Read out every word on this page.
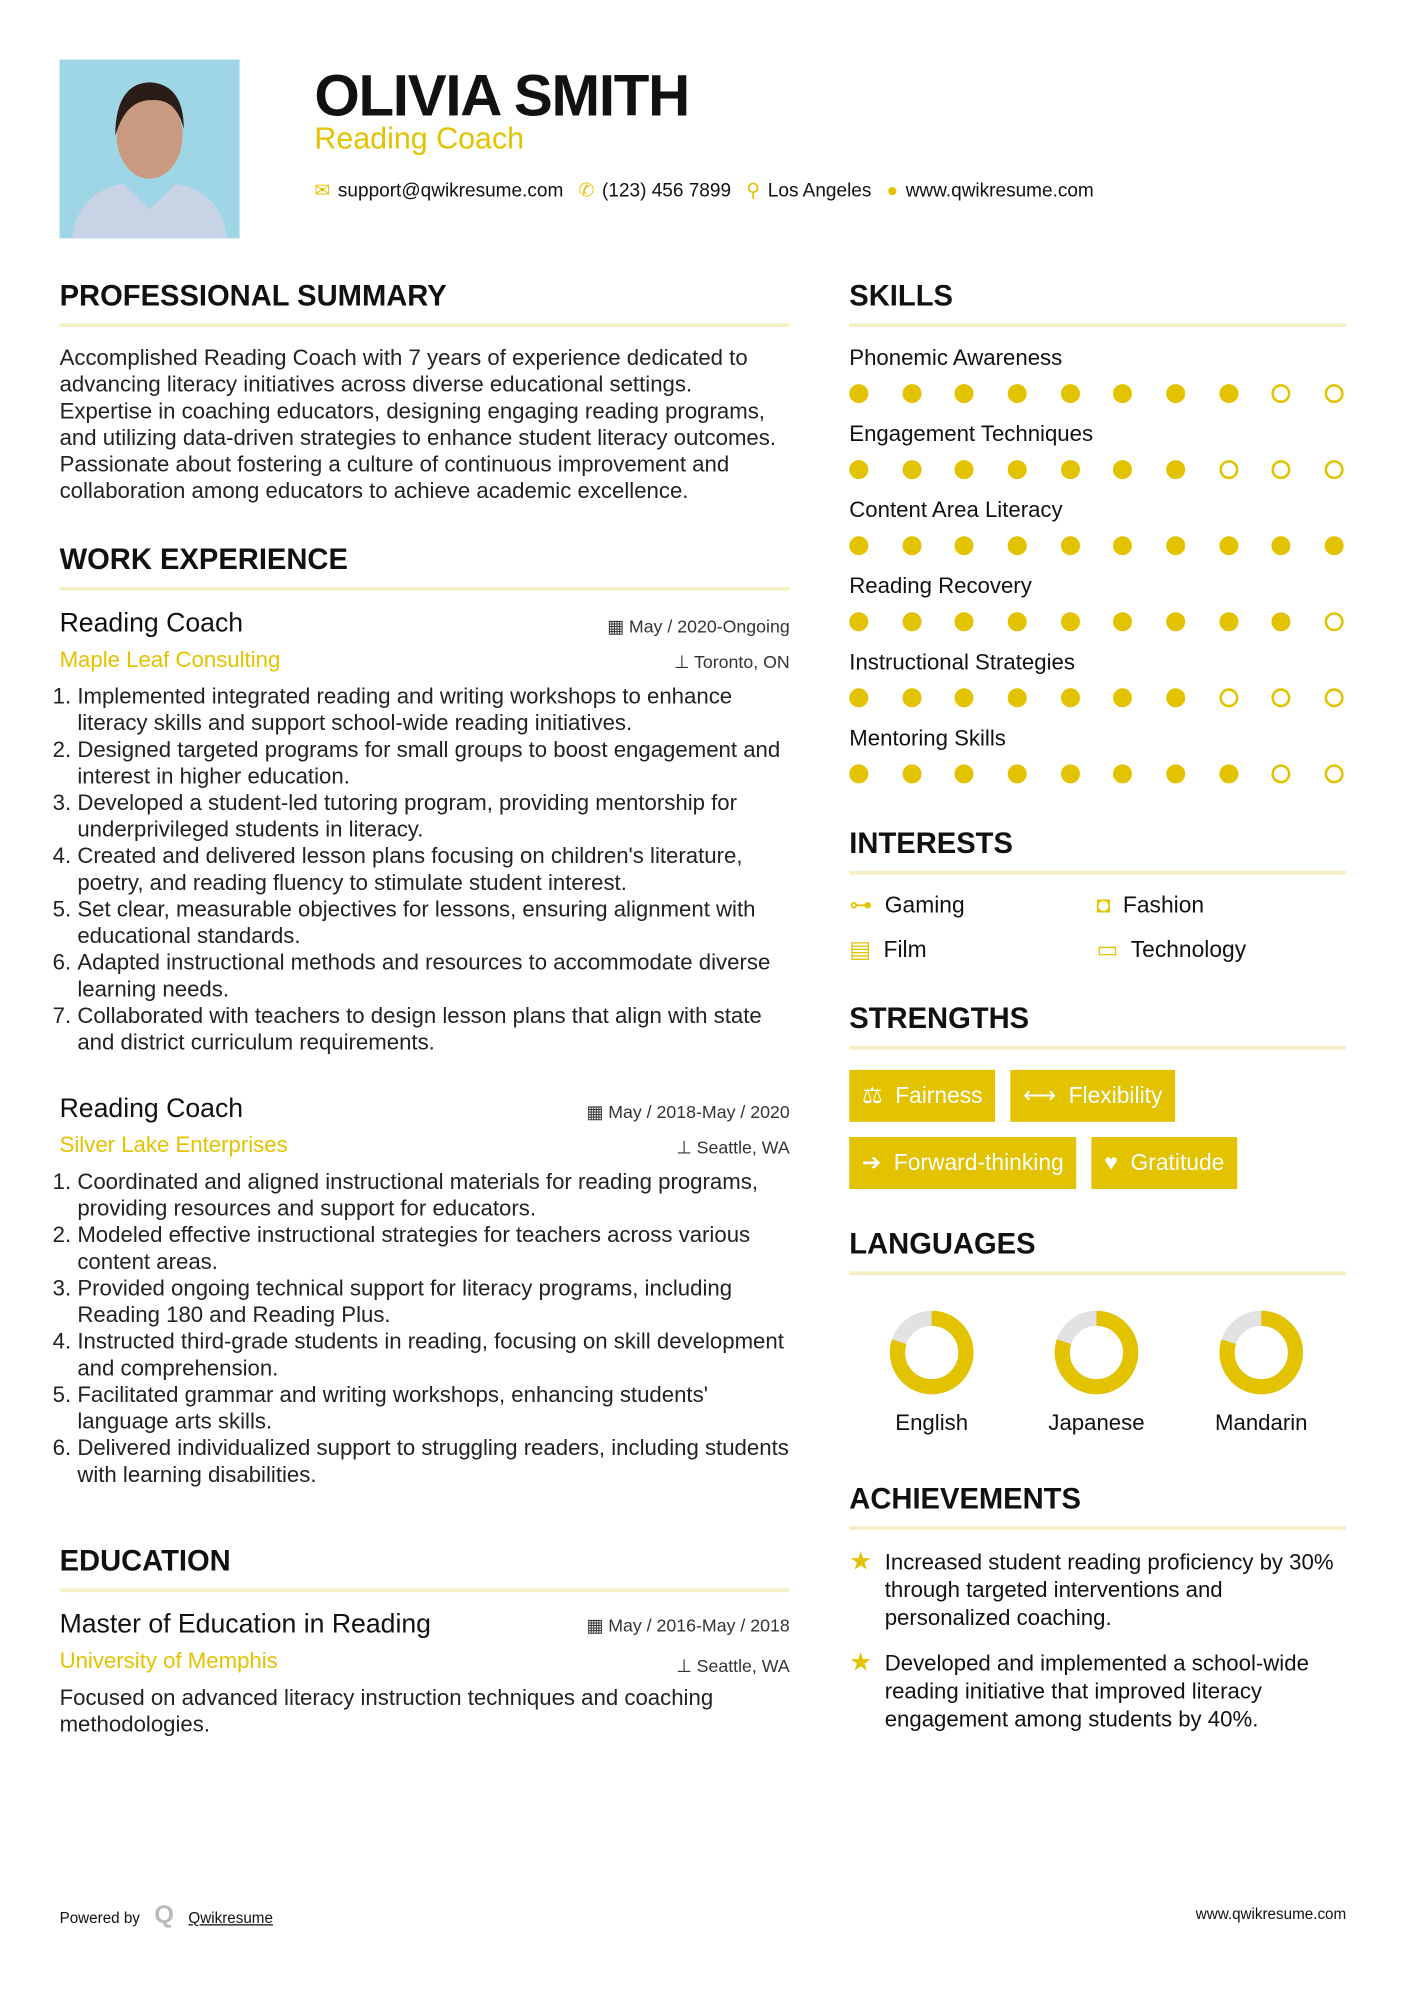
OLIVIA SMITH
Reading Coach
✉ support@qwikresume.com ✆ (123) 456 7899 ⚲ Los Angeles ● www.qwikresume.com
PROFESSIONAL SUMMARY
Accomplished Reading Coach with 7 years of experience dedicated to advancing literacy initiatives across diverse educational settings. Expertise in coaching educators, designing engaging reading programs, and utilizing data-driven strategies to enhance student literacy outcomes. Passionate about fostering a culture of continuous improvement and collaboration among educators to achieve academic excellence.
WORK EXPERIENCE
▦ May / 2020-Ongoing
⊥ Toronto, ON
Reading Coach
Maple Leaf Consulting
1. Implemented integrated reading and writing workshops to enhance literacy skills and support school-wide reading initiatives.
2. Designed targeted programs for small groups to boost engagement and interest in higher education.
3. Developed a student-led tutoring program, providing mentorship for underprivileged students in literacy.
4. Created and delivered lesson plans focusing on children's literature, poetry, and reading fluency to stimulate student interest.
5. Set clear, measurable objectives for lessons, ensuring alignment with educational standards.
6. Adapted instructional methods and resources to accommodate diverse learning needs.
7. Collaborated with teachers to design lesson plans that align with state and district curriculum requirements.
▦ May / 2018-May / 2020
⊥ Seattle, WA
Reading Coach
Silver Lake Enterprises
1. Coordinated and aligned instructional materials for reading programs, providing resources and support for educators.
2. Modeled effective instructional strategies for teachers across various content areas.
3. Provided ongoing technical support for literacy programs, including Reading 180 and Reading Plus.
4. Instructed third-grade students in reading, focusing on skill development and comprehension.
5. Facilitated grammar and writing workshops, enhancing students' language arts skills.
6. Delivered individualized support to struggling readers, including students with learning disabilities.
EDUCATION
▦ May / 2016-May / 2018
⊥ Seattle, WA
Master of Education in Reading
University of Memphis
Focused on advanced literacy instruction techniques and coaching methodologies.
SKILLS
Phonemic Awareness
Engagement Techniques
Content Area Literacy
Reading Recovery
Instructional Strategies
Mentoring Skills
INTERESTS
⊶ Gaming	◘ Fashion
▤ Film	▭ Technology
STRENGTHS
⚖ Fairness	⟷ Flexibility
➔ Forward-thinking	♥ Gratitude
LANGUAGES
English	Japanese	Mandarin
ACHIEVEMENTS
★ Increased student reading proficiency by 30% through targeted interventions and personalized coaching.
★ Developed and implemented a school-wide reading initiative that improved literacy engagement among students by 40%.
Powered by Q Qwikresume	www.qwikresume.com
